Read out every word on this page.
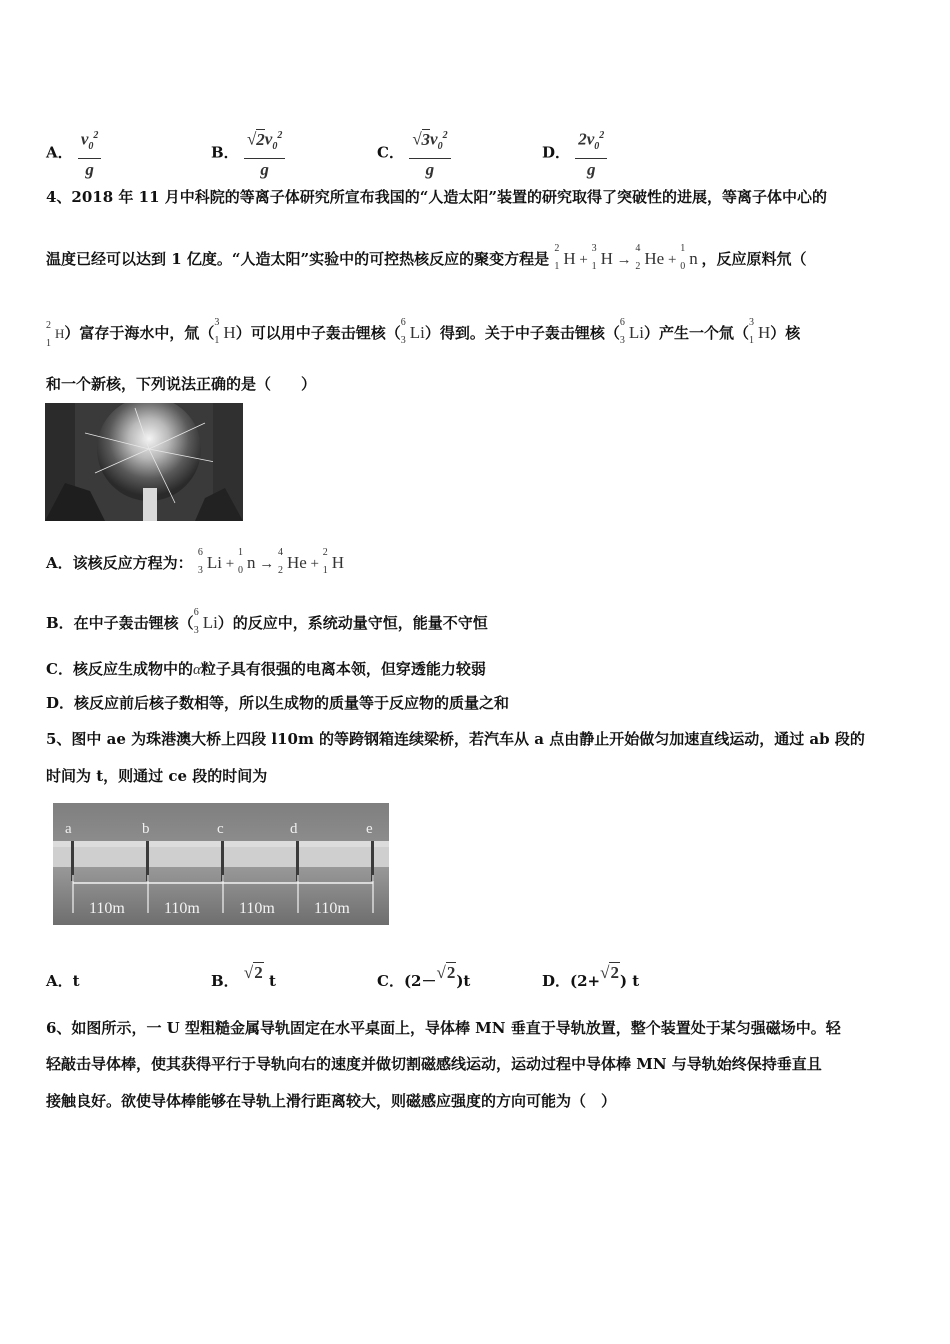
A． $\frac{v_0^2}{g}$	B． $\frac{√2v_0^2}{g}$	C． $\frac{√3v_0^2}{g}$	D． $\frac{2v_0^2}{g}$
4、2018 年 11 月中科院的等离子体研究所宣布我国的“人造太阳”装置的研究取得了突破性的进展，等离子体中心的
温度已经可以达到 1 亿度。“人造太阳”实验中的可控热核反应的聚变方程是
2
1 H +
3
1 H →
4
2 He +
1
0 n ，反应原料氘（
2
1
H）富存于海水中，氚（
3
1 H）可以用中子轰击锂核（
6
3 Li）得到。关于中子轰击锂核（
6
3 Li）产生一个氚（
3
1 H）核
和一个新核，下列说法正确的是（　　）
A．该核反应方程为：
6
3 Li +
1
0 n →
4
2 He +
2
1 H
B．在中子轰击锂核（
6
3 Li）的反应中，系统动量守恒，能量不守恒
C．核反应生成物中的α粒子具有很强的电离本领，但穿透能力较弱
D．核反应前后核子数相等，所以生成物的质量等于反应物的质量之和
5、图中 ae 为珠港澳大桥上四段 l10m 的等跨钢箱连续梁桥，若汽车从 a 点由静止开始做匀加速直线运动，通过 ab 段的
时间为 t，则通过 ce 段的时间为
a	b	c	d	e
110m 110m 110m 110m
A．t	B． √2 t	C．(2－√2)t	D．(2+√2) t
6、如图所示，一 U 型粗糙金属导轨固定在水平桌面上，导体棒 MN 垂直于导轨放置，整个装置处于某匀强磁场中。轻
轻敲击导体棒，使其获得平行于导轨向右的速度并做切割磁感线运动，运动过程中导体棒 MN 与导轨始终保持垂直且
接触良好。欲使导体棒能够在导轨上滑行距离较大，则磁感应强度的方向可能为（　）
